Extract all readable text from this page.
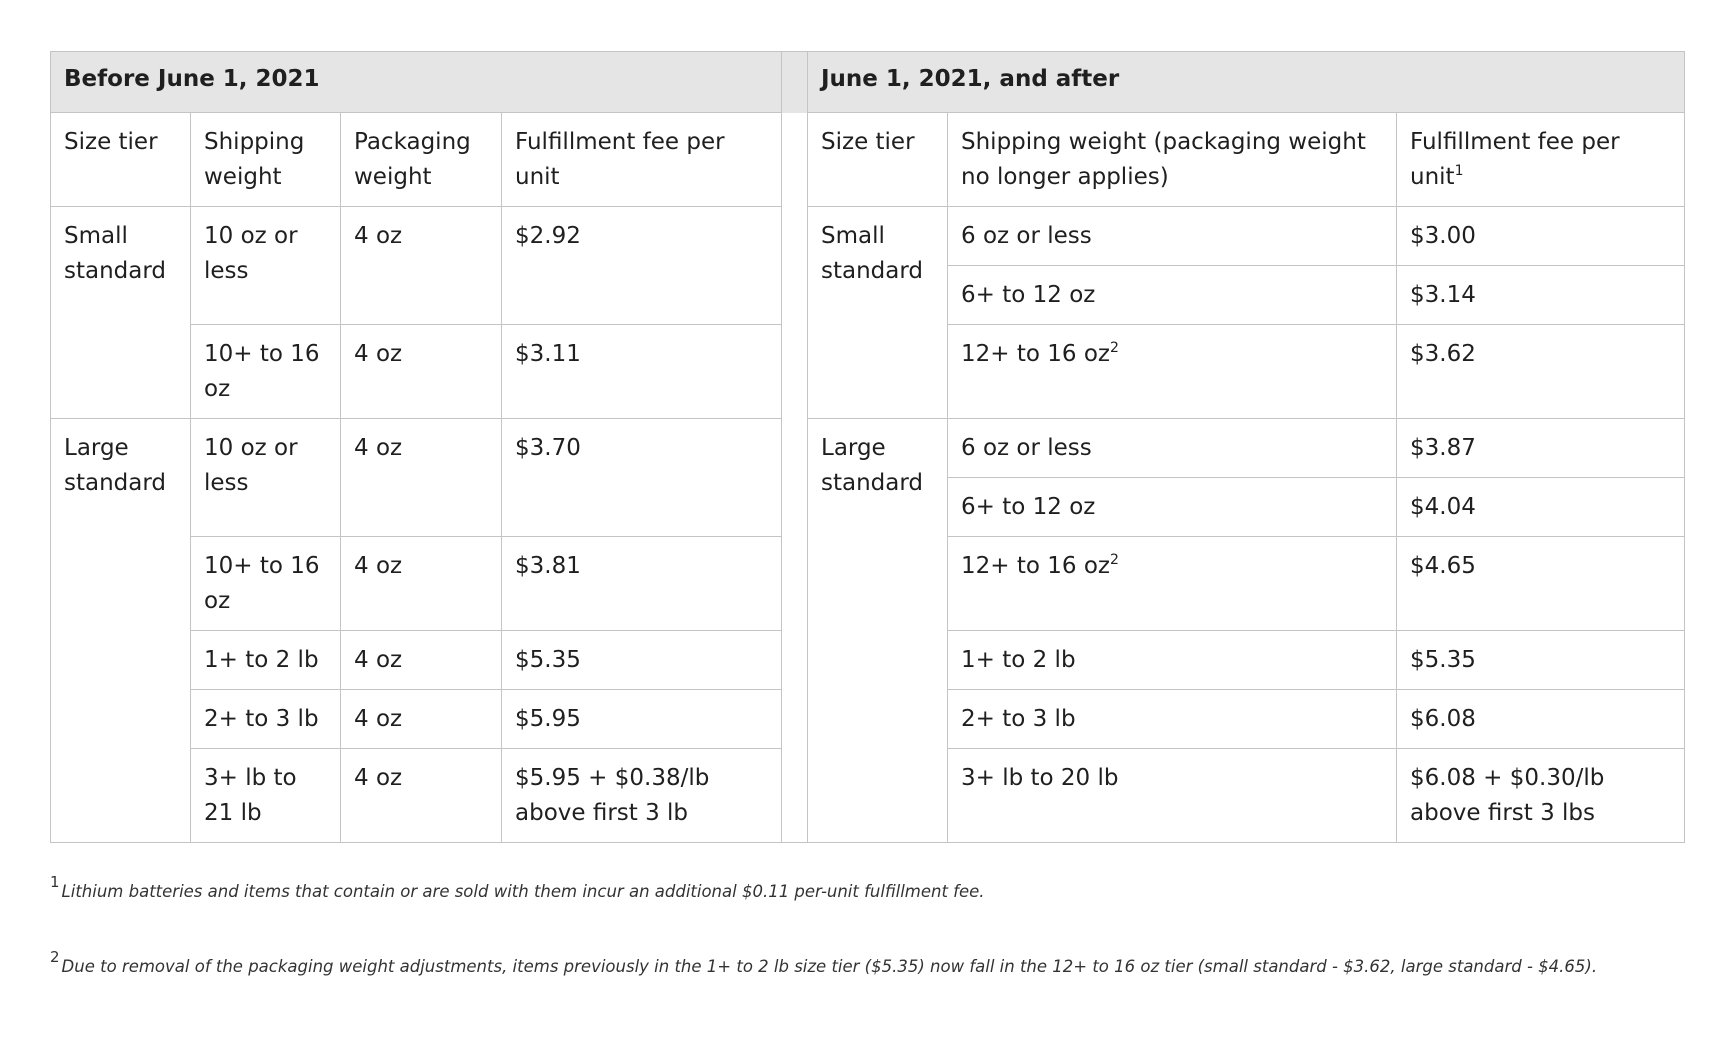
Before June 1, 2021					June 1, 2021, and after		
Size tier	Shipping weight	Packaging weight	Fulfillment fee per unit		Size tier	Shipping weight (packaging weight no longer applies)	Fulfillment fee per unit$^1$
Small standard	10 oz or less	4 oz	$2.92		Small standard	6 oz or less	$3.00
						6+ to 12 oz	$3.14
	10+ to 16 oz	4 oz	$3.11			12+ to 16 $oz^2$	$3.62
Large standard	10 oz or less	4 oz	$3.70		Large standard	6 oz or less	$3.87
						6+ to 12 oz	$4.04
	10+ to 16 oz	4 oz	$3.81			12+ to 16 $oz^2$	$4.65
	1+ to 2 lb	4 oz	$5.35			1+ to 2 lb	$5.35
	2+ to 3 lb	4 oz	$5.95			2+ to 3 lb	$6.08
	3+ lb to 21 lb	4 oz	$5.95 + $0.38/lb above first 3 lb			3+ lb to 20 lb	$6.08 + $0.30/lb above first 3 lbs
$^1$ Lithium batteries and items that contain or are sold with them incur an additional $0.11 per-unit fulfillment fee.
$^2$ Due to removal of the packaging weight adjustments, items previously in the 1+ to 2 lb size tier ($5.35) now fall in the 12+ to 16 oz tier (small standard - $3.62, large standard - $4.65).
